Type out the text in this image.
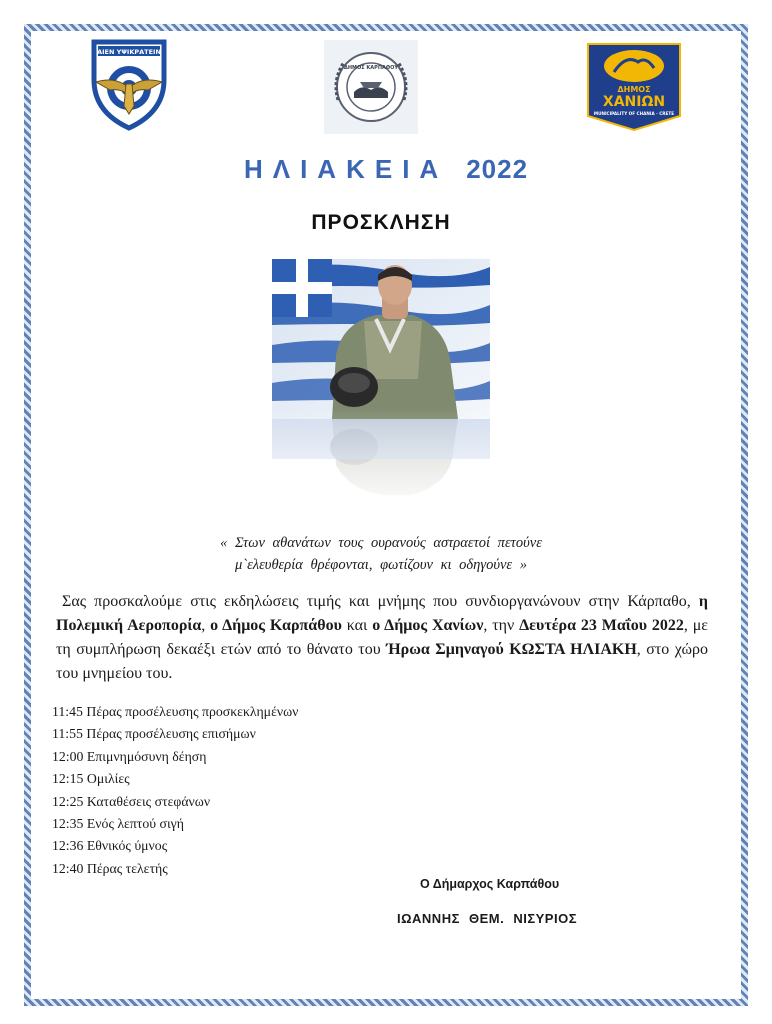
ΑΙΕΝ ΥΨΙΚΡΑΤΕΙΝ
ΔΗΜΟΣ ΚΑΡΠΑΘΟΥ
ΔΗΜΟΣ
ΧΑΝΙΩΝ
MUNICIPALITY OF CHANIA · CRETE
ΗΛΙΑΚΕΙΑ 2022
ΠΡΟΣΚΛΗΣΗ
« Στων αθανάτων τους ουρανούς αστραετοί πετούνε
μ`ελευθερία θρέφονται, φωτίζουν κι οδηγούνε »
Σας προσκαλούμε στις εκδηλώσεις τιμής και μνήμης που συνδιοργανώνουν στην Κάρπαθο, η Πολεμική Αεροπορία, ο Δήμος Καρπάθου και ο Δήμος Χανίων, την Δευτέρα 23 Μαΐου 2022, με τη συμπλήρωση δεκαέξι ετών από το θάνατο του Ήρωα Σμηναγού ΚΩΣΤΑ ΗΛΙΑΚΗ, στο χώρο του μνημείου του.
11:45 Πέρας προσέλευσης προσκεκλημένων
11:55 Πέρας προσέλευσης επισήμων
12:00 Επιμνημόσυνη δέηση
12:15 Ομιλίες
12:25 Καταθέσεις στεφάνων
12:35 Ενός λεπτού σιγή
12:36 Εθνικός ύμνος
12:40 Πέρας τελετής
Ο Δήμαρχος Καρπάθου
ΙΩΑΝΝΗΣ ΘΕΜ. ΝΙΣΥΡΙΟΣ
